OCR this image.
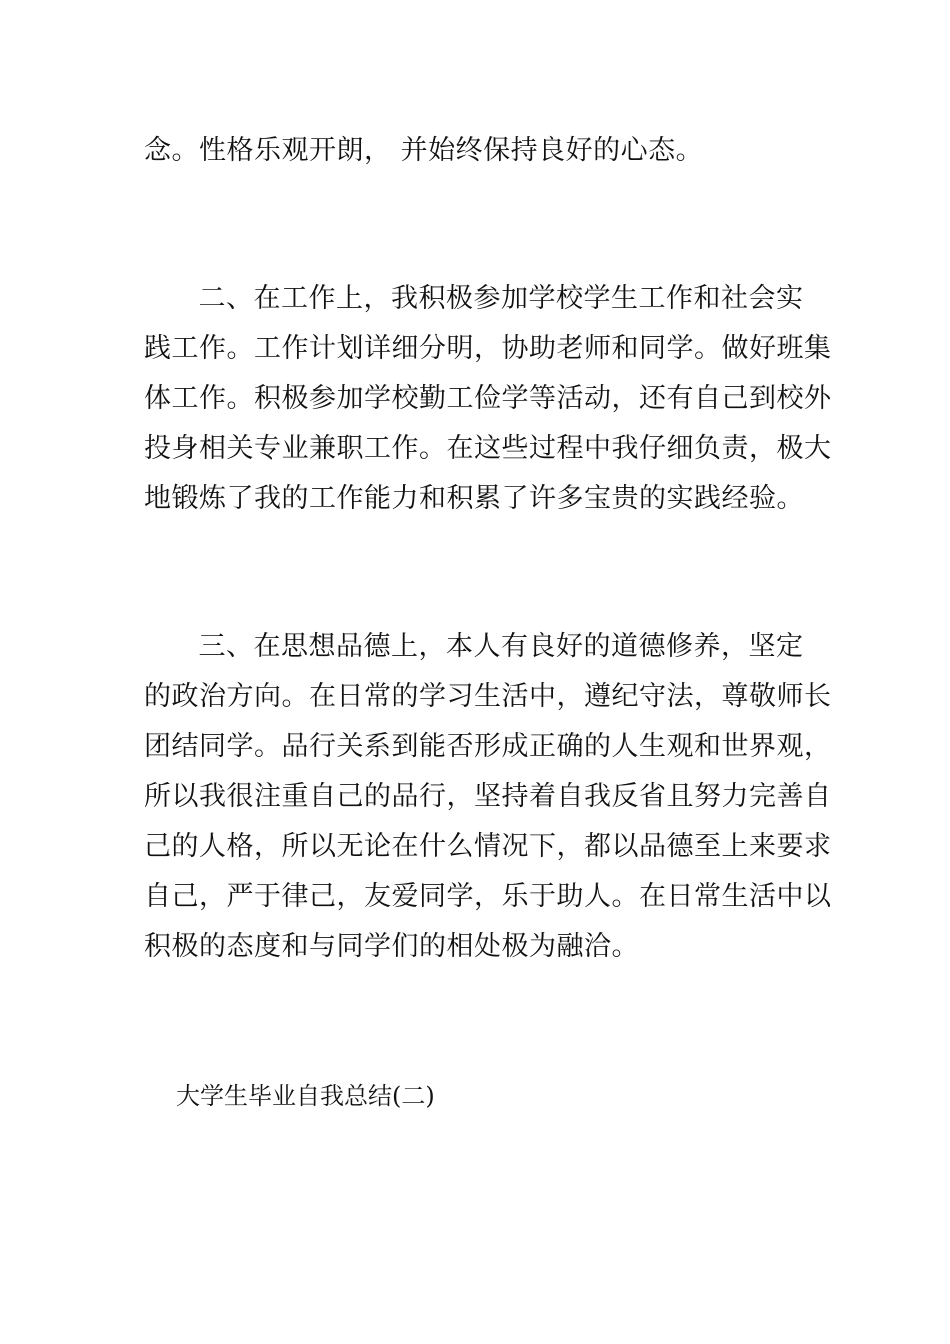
念。性格乐观开朗， 并始终保持良好的心态。
二、在工作上，我积极参加学校学生工作和社会实
践工作。工作计划详细分明，协助老师和同学。做好班集
体工作。积极参加学校勤工俭学等活动，还有自己到校外
投身相关专业兼职工作。在这些过程中我仔细负责，极大
地锻炼了我的工作能力和积累了许多宝贵的实践经验。
三、在思想品德上，本人有良好的道德修养，坚定
的政治方向。在日常的学习生活中，遵纪守法，尊敬师长
团结同学。品行关系到能否形成正确的人生观和世界观，
所以我很注重自己的品行，坚持着自我反省且努力完善自
己的人格，所以无论在什么情况下，都以品德至上来要求
自己，严于律己，友爱同学，乐于助人。在日常生活中以
积极的态度和与同学们的相处极为融洽。
大学生毕业自我总结(二)
